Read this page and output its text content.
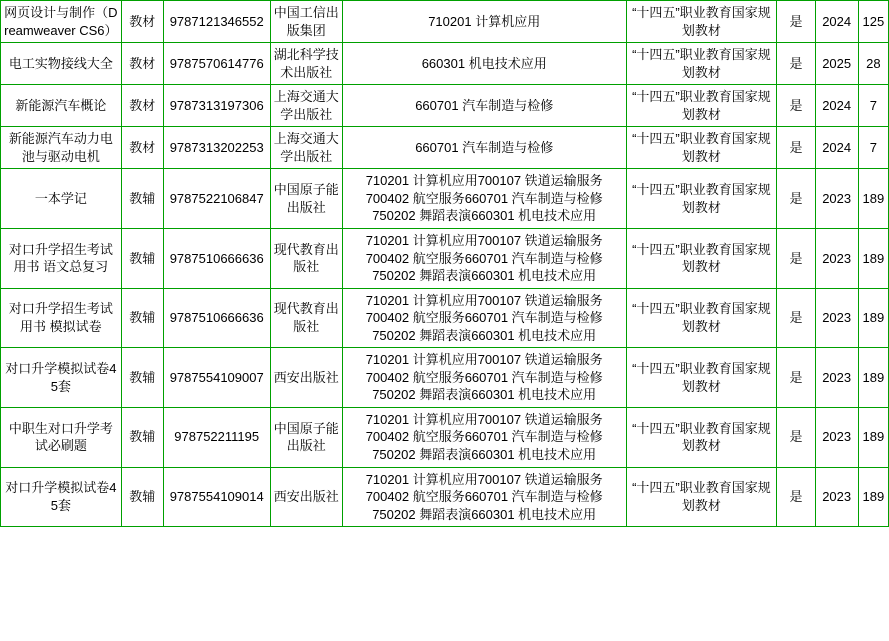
网页设计与制作（Dreamweaver CS6）	教材	9787121346552	中国工信出版集团	710201 计算机应用	“十四五”职业教育国家规划教材	是	2024	125
电工实物接线大全	教材	9787570614776	湖北科学技术出版社	660301 机电技术应用	“十四五”职业教育国家规划教材	是	2025	28
新能源汽车概论	教材	9787313197306	上海交通大学出版社	660701 汽车制造与检修	“十四五”职业教育国家规划教材	是	2024	7
新能源汽车动力电池与驱动电机	教材	9787313202253	上海交通大学出版社	660701 汽车制造与检修	“十四五”职业教育国家规划教材	是	2024	7
一本学记	教辅	9787522106847	中国原子能出版社	710201 计算机应用700107 铁道运输服务
700402 航空服务660701 汽车制造与检修
750202 舞蹈表演660301 机电技术应用	“十四五”职业教育国家规划教材	是	2023	189
对口升学招生考试用书 语文总复习	教辅	9787510666636	现代教育出版社	710201 计算机应用700107 铁道运输服务
700402 航空服务660701 汽车制造与检修
750202 舞蹈表演660301 机电技术应用	“十四五”职业教育国家规划教材	是	2023	189
对口升学招生考试用书 模拟试卷	教辅	9787510666636	现代教育出版社	710201 计算机应用700107 铁道运输服务
700402 航空服务660701 汽车制造与检修
750202 舞蹈表演660301 机电技术应用	“十四五”职业教育国家规划教材	是	2023	189
对口升学模拟试卷45套	教辅	9787554109007	西安出版社	710201 计算机应用700107 铁道运输服务
700402 航空服务660701 汽车制造与检修
750202 舞蹈表演660301 机电技术应用	“十四五”职业教育国家规划教材	是	2023	189
中职生对口升学考试必刷题	教辅	978752211195	中国原子能出版社	710201 计算机应用700107 铁道运输服务
700402 航空服务660701 汽车制造与检修
750202 舞蹈表演660301 机电技术应用	“十四五”职业教育国家规划教材	是	2023	189
对口升学模拟试卷45套	教辅	9787554109014	西安出版社	710201 计算机应用700107 铁道运输服务
700402 航空服务660701 汽车制造与检修
750202 舞蹈表演660301 机电技术应用	“十四五”职业教育国家规划教材	是	2023	189
